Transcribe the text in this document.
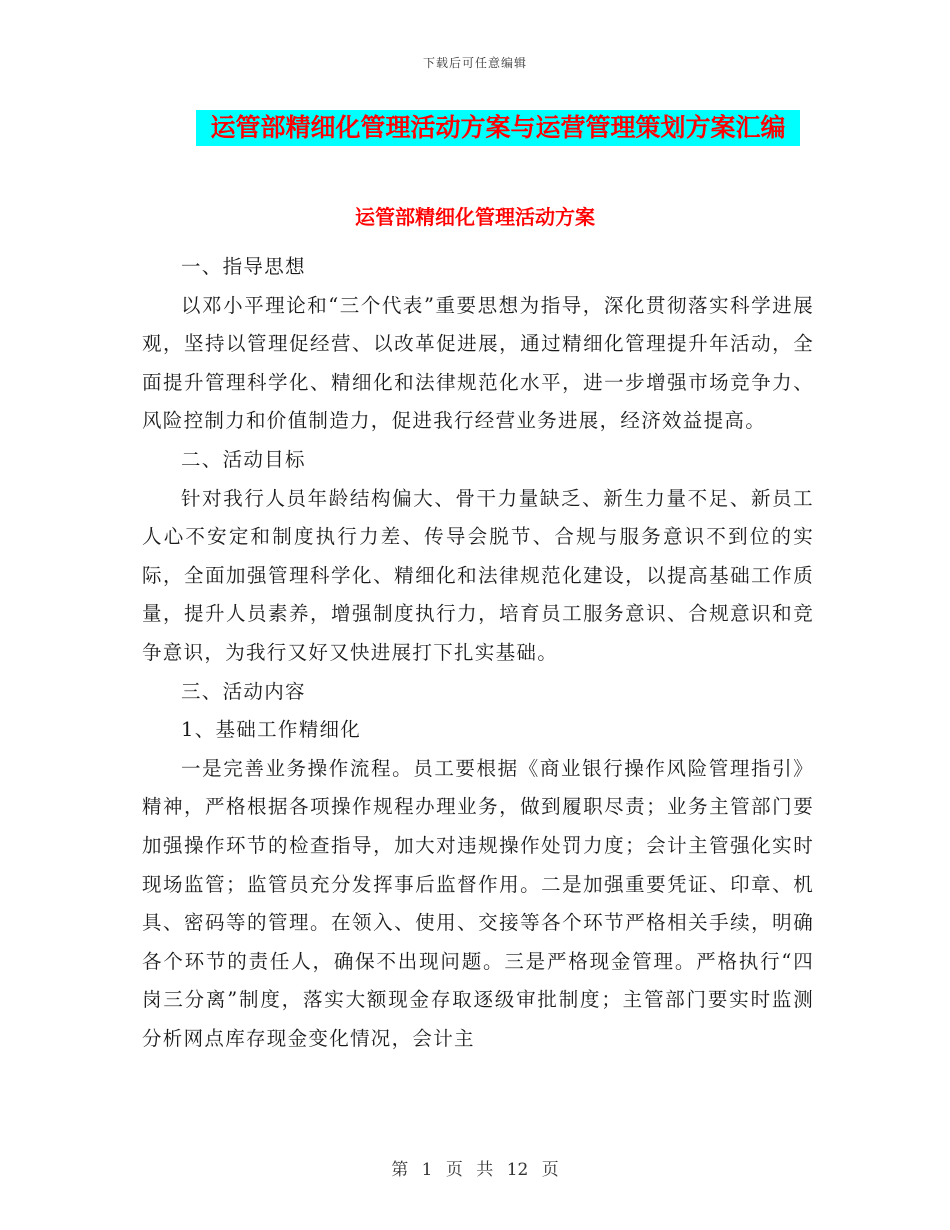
下载后可任意编辑
运管部精细化管理活动方案与运营管理策划方案汇编
运管部精细化管理活动方案

一、指导思想

以邓小平理论和“三个代表”重要思想为指导，深化贯彻落实科学进展观，坚持以管理促经营、以改革促进展，通过精细化管理提升年活动，全面提升管理科学化、精细化和法律规范化水平，进一步增强市场竞争力、风险控制力和价值制造力，促进我行经营业务进展，经济效益提高。

二、活动目标

针对我行人员年龄结构偏大、骨干力量缺乏、新生力量不足、新员工人心不安定和制度执行力差、传导会脱节、合规与服务意识不到位的实际，全面加强管理科学化、精细化和法律规范化建设，以提高基础工作质量，提升人员素养，增强制度执行力，培育员工服务意识、合规意识和竞争意识，为我行又好又快进展打下扎实基础。

三、活动内容

1、基础工作精细化

一是完善业务操作流程。员工要根据《商业银行操作风险管理指引》精神，严格根据各项操作规程办理业务，做到履职尽责；业务主管部门要加强操作环节的检查指导，加大对违规操作处罚力度；会计主管强化实时现场监管；监管员充分发挥事后监督作用。二是加强重要凭证、印章、机具、密码等的管理。在领入、使用、交接等各个环节严格相关手续，明确各个环节的责任人，确保不出现问题。三是严格现金管理。严格执行“四岗三分离”制度，落实大额现金存取逐级审批制度；主管部门要实时监测分析网点库存现金变化情况，会计主

第 1 页 共 12 页
